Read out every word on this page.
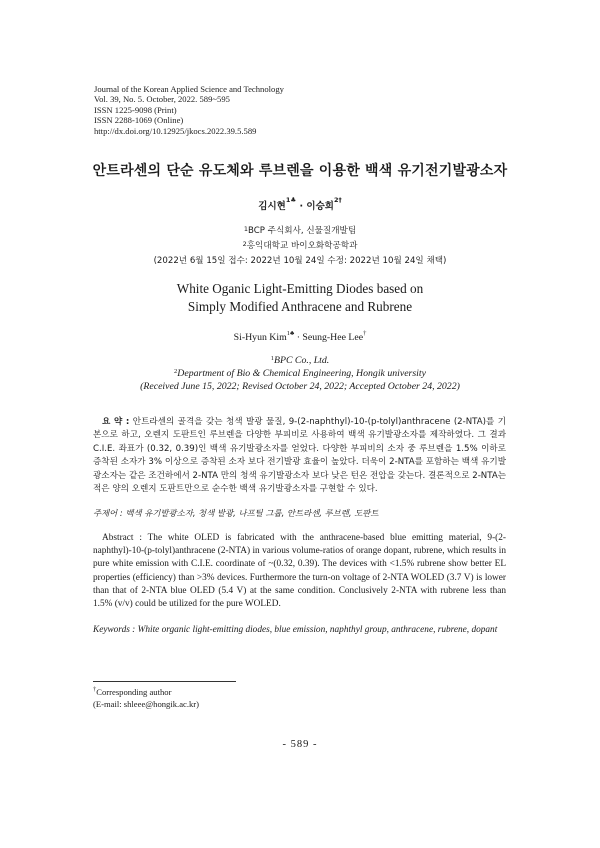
Journal of the Korean Applied Science and Technology
Vol. 39, No. 5. October, 2022. 589~595
ISSN 1225-9098 (Print)
ISSN 2288-1069 (Online)
http://dx.doi.org/10.12925/jkocs.2022.39.5.589
안트라센의 단순 유도체와 루브렌을 이용한 백색 유기전기발광소자
김시현$^{1♣}$ · 이승희$^{2\dagger}$
$^1$BCP 주식회사, 신물질개발팀
$^2$홍익대학교 바이오화학공학과
(2022년 6월 15일 접수: 2022년 10월 24일 수정: 2022년 10월 24일 채택)
White Oganic Light-Emitting Diodes based on
Simply Modified Anthracene and Rubrene
Si-Hyun Kim$^{1♣}$ · Seung-Hee Lee†
$^1$BPC Co., Ltd.
$^2$Department of Bio & Chemical Engineering, Hongik university
(Received June 15, 2022; Revised October 24, 2022; Accepted October 24, 2022)
요 약 : 안트라센의 골격을 갖는 청색 발광 물질, 9-(2-naphthyl)-10-(p-tolyl)anthracene (2-NTA)를 기본으로 하고, 오렌지 도판트인 루브렌을 다양한 부피비로 사용하여 백색 유기발광소자를 제작하였다. 그 결과 C.I.E. 좌표가 (0.32, 0.39)인 백색 유기발광소자를 얻었다. 다양한 부피비의 소자 중 루브렌을 1.5% 이하로 증착된 소자가 3% 이상으로 증착된 소자 보다 전기발광 효율이 높았다. 더욱이 2-NTA를 포함하는 백색 유기발광소자는 같은 조건하에서 2-NTA 만의 청색 유기발광소자 보다 낮은 턴온 전압을 갖는다. 결론적으로 2-NTA는 적은 양의 오렌지 도판트만으로 순수한 백색 유기발광소자를 구현할 수 있다.
주제어 : 백색 유기발광소자, 청색 발광, 나프틸 그룹, 안트라센, 루브렌, 도판트
Abstract : The white OLED is fabricated with the anthracene-based blue emitting material, 9-(2-naphthyl)-10-(p-tolyl)anthracene (2-NTA) in various volume-ratios of orange dopant, rubrene, which results in pure white emission with C.I.E. coordinate of ~(0.32, 0.39). The devices with <1.5% rubrene show better EL properties (efficiency) than >3% devices. Furthermore the turn-on voltage of 2-NTA WOLED (3.7 V) is lower than that of 2-NTA blue OLED (5.4 V) at the same condition. Conclusively 2-NTA with rubrene less than 1.5% (v/v) could be utilized for the pure WOLED.
Keywords : White organic light-emitting diodes, blue emission, naphthyl group, anthracene, rubrene, dopant
†Corresponding author
(E-mail: shleee@hongik.ac.kr)
- 589 -
